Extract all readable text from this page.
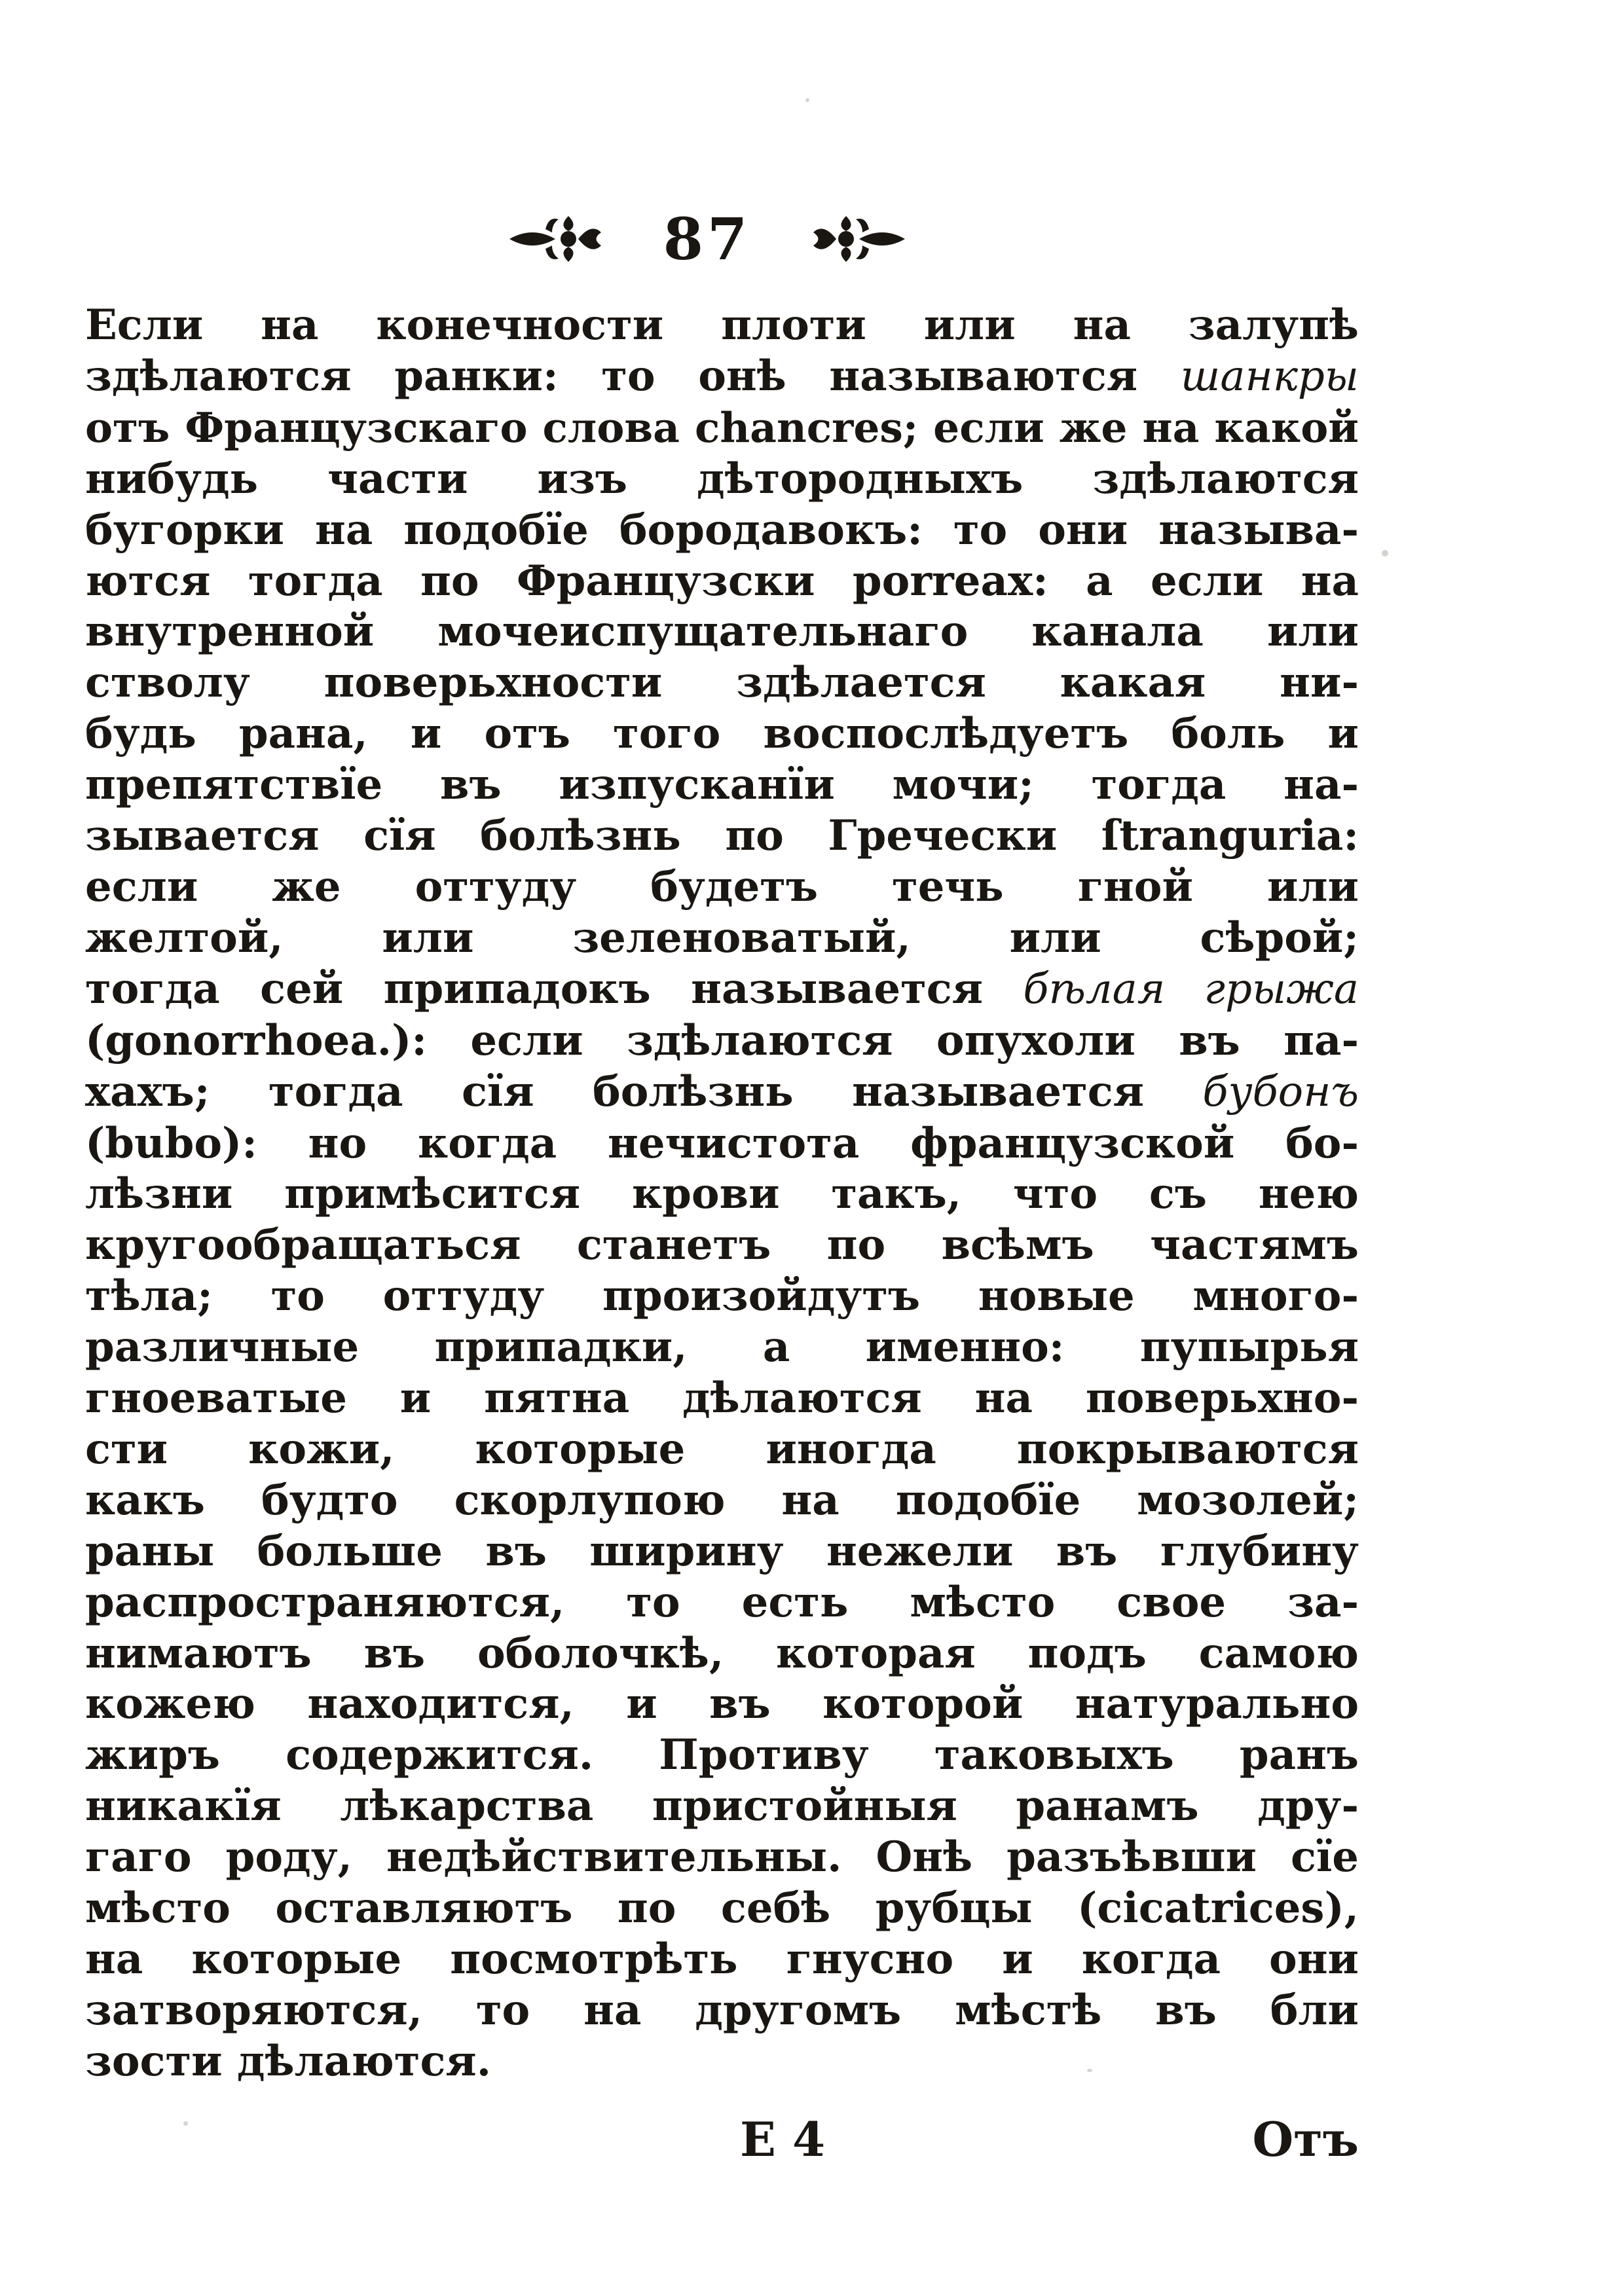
87
Если на конечности плоти или на залупѣ
здѣлаются ранки: то онѣ называются шанкры
отъ Французскаго слова chancres; если же на какой
нибудь части изъ дѣтородныхъ здѣлаются
бугорки на подобїе бородавокъ: то они называ-
ются тогда по Французски porreax: а если на
внутренной мочеиспущательнаго канала или
стволу поверьхности здѣлается какая ни-
будь рана, и отъ того воспослѣдуетъ боль и
препятствїе въ изпусканїи мочи; тогда на-
зывается сїя болѣзнь по Гречески ſtranguria:
если же оттуду будетъ течь гной или
желтой, или зеленоватый, или сѣрой;
тогда сей припадокъ называется бѣлая грыжа
(gonorrhoea.): если здѣлаются опухоли въ па-
хахъ; тогда сїя болѣзнь называется бубонъ
(bubo): но когда нечистота французской бо-
лѣзни примѣсится крови такъ, что съ нею
кругообращаться станетъ по всѣмъ частямъ
тѣла; то оттуду произойдутъ новые много-
различные припадки, а именно: пупырья
гноеватые и пятна дѣлаются на поверьхно-
сти кожи, которые иногда покрываются
какъ будто скорлупою на подобїе мозолей;
раны больше въ ширину нежели въ глубину
распространяются, то есть мѣсто свое за-
нимаютъ въ оболочкѣ, которая подъ самою
кожею находится, и въ которой натурально
жиръ содержится. Противу таковыхъ ранъ
никакїя лѣкарства пристойныя ранамъ дру-
гаго роду, недѣйствительны. Онѣ разъѣвши сїе
мѣсто оставляютъ по себѣ рубцы (cicatrices),
на которые посмотрѣть гнусно и когда они
затворяются, то на другомъ мѣстѣ въ бли
зости дѣлаются.
E 4	Отъ
